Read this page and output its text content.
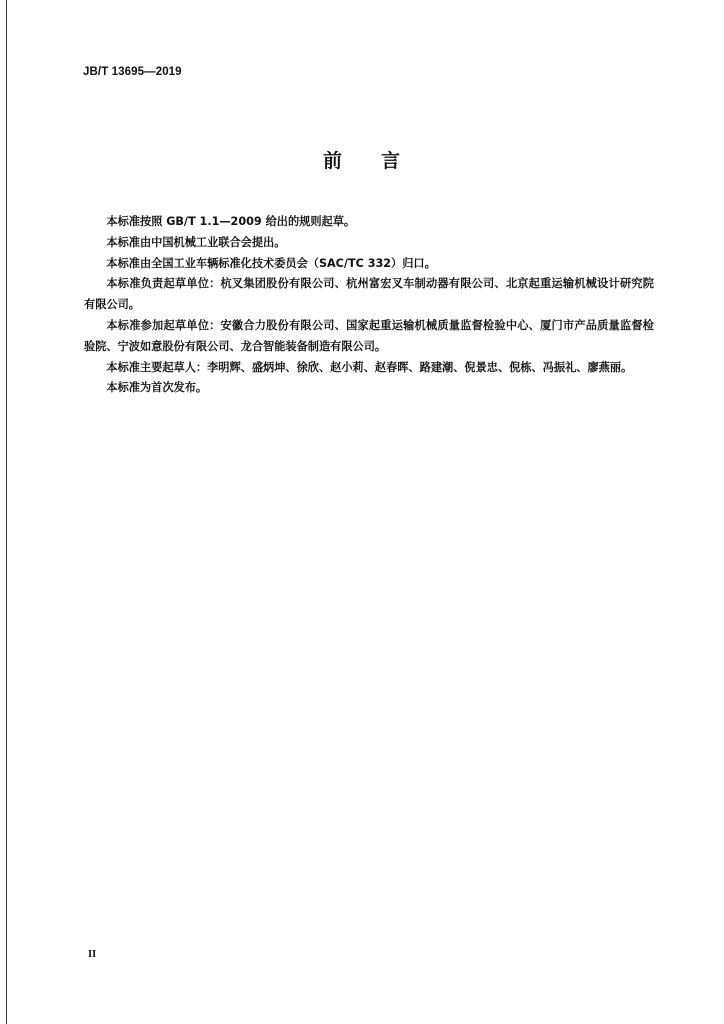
JB/T 13695—2019
前 言

本标准按照 GB/T 1.1—2009 给出的规则起草。

本标准由中国机械工业联合会提出。

本标准由全国工业车辆标准化技术委员会（SAC/TC 332）归口。

本标准负责起草单位：杭叉集团股份有限公司、杭州富宏叉车制动器有限公司、北京起重运输机械设计研究院有限公司。

本标准参加起草单位：安徽合力股份有限公司、国家起重运输机械质量监督检验中心、厦门市产品质量监督检验院、宁波如意股份有限公司、龙合智能装备制造有限公司。

本标准主要起草人：李明辉、盛炳坤、徐欣、赵小莉、赵春晖、路建潮、倪景忠、倪栋、冯振礼、廖燕丽。

本标准为首次发布。

II
